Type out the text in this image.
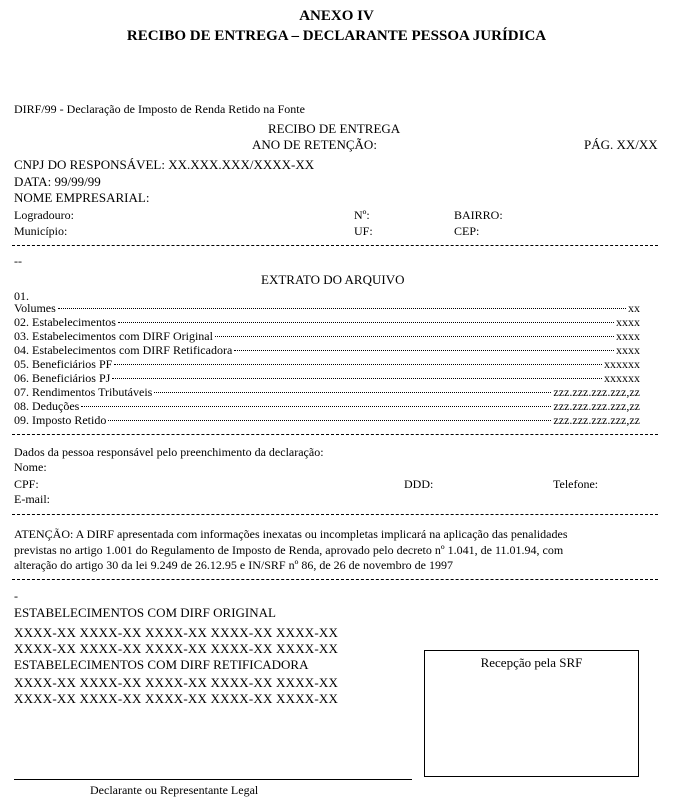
ANEXO IV
RECIBO DE ENTREGA – DECLARANTE PESSOA JURÍDICA
DIRF/99 - Declaração de Imposto de Renda Retido na Fonte
RECIBO DE ENTREGA
ANO DE RETENÇÃO:	PÁG. XX/XX
CNPJ DO RESPONSÁVEL: XX.XXX.XXX/XXXX-XX
DATA: 99/99/99
NOME EMPRESARIAL:
Logradouro:	Nº:	BAIRRO:
Município:	UF:	CEP:
--
EXTRATO DO ARQUIVO
01.
Volumes	xx
02. Estabelecimentos	xxxx
03. Estabelecimentos com DIRF Original	xxxx
04. Estabelecimentos com DIRF Retificadora	xxxx
05. Beneficiários PF	xxxxxx
06. Beneficiários PJ	xxxxxx
07. Rendimentos Tributáveis	zzz.zzz.zzz.zzz,zz
08. Deduções	zzz.zzz.zzz.zzz,zz
09. Imposto Retido	zzz.zzz.zzz.zzz,zz
Dados da pessoa responsável pelo preenchimento da declaração:
Nome:
CPF:	DDD:	Telefone:
E-mail:
ATENÇÃO: A DIRF apresentada com informações inexatas ou incompletas implicará na aplicação das penalidades
previstas no artigo 1.001 do Regulamento de Imposto de Renda, aprovado pelo decreto nº 1.041, de 11.01.94, com
alteração do artigo 30 da lei 9.249 de 26.12.95 e IN/SRF nº 86, de 26 de novembro de 1997
-
ESTABELECIMENTOS COM DIRF ORIGINAL
XXXX-XX XXXX-XX XXXX-XX XXXX-XX XXXX-XX
XXXX-XX XXXX-XX XXXX-XX XXXX-XX XXXX-XX
ESTABELECIMENTOS COM DIRF RETIFICADORA
XXXX-XX XXXX-XX XXXX-XX XXXX-XX XXXX-XX
XXXX-XX XXXX-XX XXXX-XX XXXX-XX XXXX-XX
Recepção pela SRF
Declarante ou Representante Legal
